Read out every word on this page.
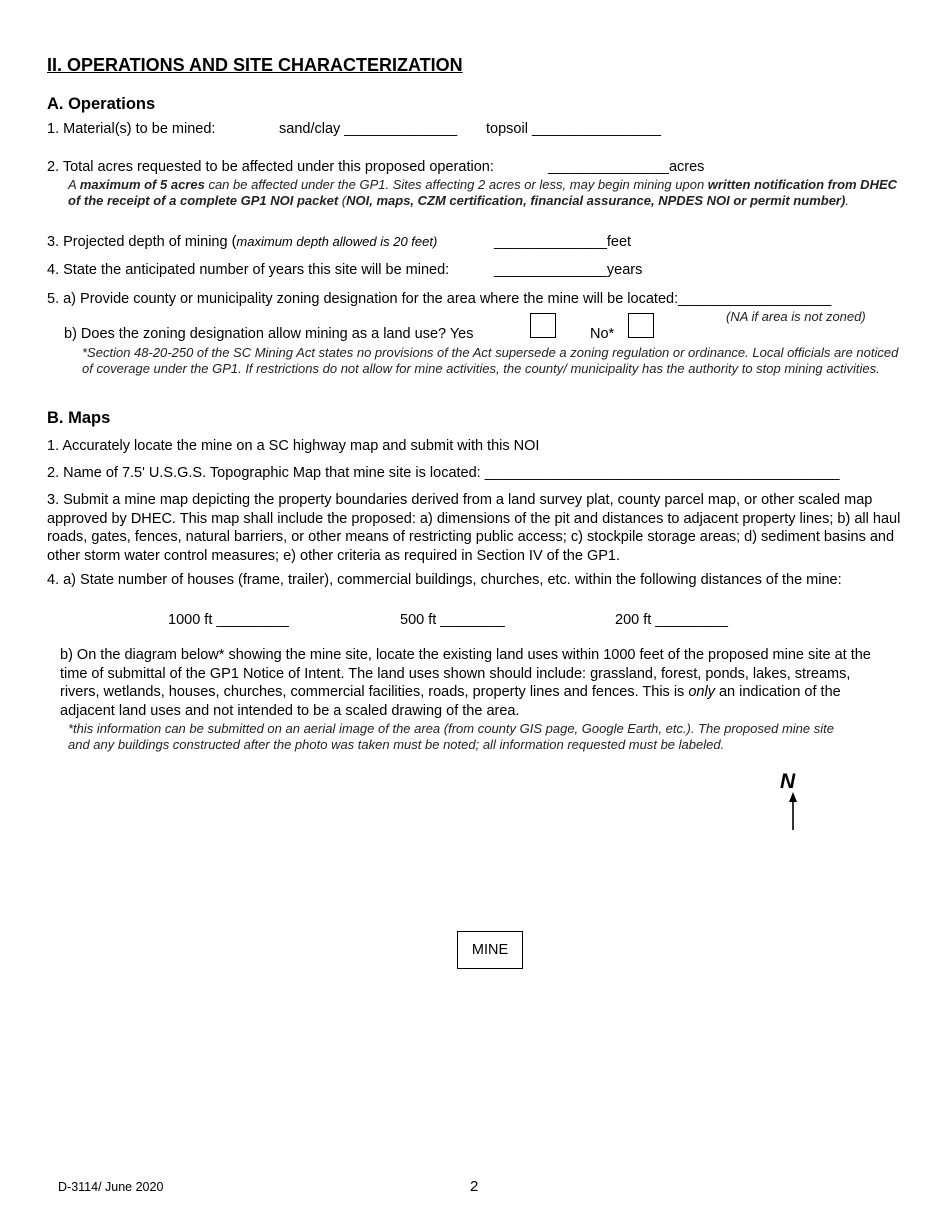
II. OPERATIONS AND SITE CHARACTERIZATION
A. Operations
1. Material(s) to be mined:	sand/clay ______________ topsoil ________________
2. Total acres requested to be affected under this proposed operation:	_______________acres
A maximum of 5 acres can be affected under the GP1. Sites affecting 2 acres or less, may begin mining upon written notification from DHEC of the receipt of a complete GP1 NOI packet (NOI, maps, CZM certification, financial assurance, NPDES NOI or permit number).
3. Projected depth of mining (maximum depth allowed is 20 feet)	______________feet
4. State the anticipated number of years this site will be mined:	______________years
5. a) Provide county or municipality zoning designation for the area where the mine will be located:___________________
(NA if area is not zoned)
b) Does the zoning designation allow mining as a land use? Yes	No*
*Section 48-20-250 of the SC Mining Act states no provisions of the Act supersede a zoning regulation or ordinance. Local officials are noticed of coverage under the GP1. If restrictions do not allow for mine activities, the county/ municipality has the authority to stop mining activities.
B. Maps
1. Accurately locate the mine on a SC highway map and submit with this NOI
2. Name of 7.5' U.S.G.S. Topographic Map that mine site is located: ____________________________________________
3. Submit a mine map depicting the property boundaries derived from a land survey plat, county parcel map, or other scaled map approved by DHEC. This map shall include the proposed: a) dimensions of the pit and distances to adjacent property lines; b) all haul roads, gates, fences, natural barriers, or other means of restricting public access; c) stockpile storage areas; d) sediment basins and other storm water control measures; e) other criteria as required in Section IV of the GP1.
4. a) State number of houses (frame, trailer), commercial buildings, churches, etc. within the following distances of the mine:
1000 ft _________	500 ft ________	200 ft _________
b) On the diagram below* showing the mine site, locate the existing land uses within 1000 feet of the proposed mine site at the time of submittal of the GP1 Notice of Intent. The land uses shown should include: grassland, forest, ponds, lakes, streams, rivers, wetlands, houses, churches, commercial facilities, roads, property lines and fences. This is only an indication of the adjacent land uses and not intended to be a scaled drawing of the area.
*this information can be submitted on an aerial image of the area (from county GIS page, Google Earth, etc.). The proposed mine site and any buildings constructed after the photo was taken must be noted; all information requested must be labeled.
N
MINE
D-3114/ June 2020	2
